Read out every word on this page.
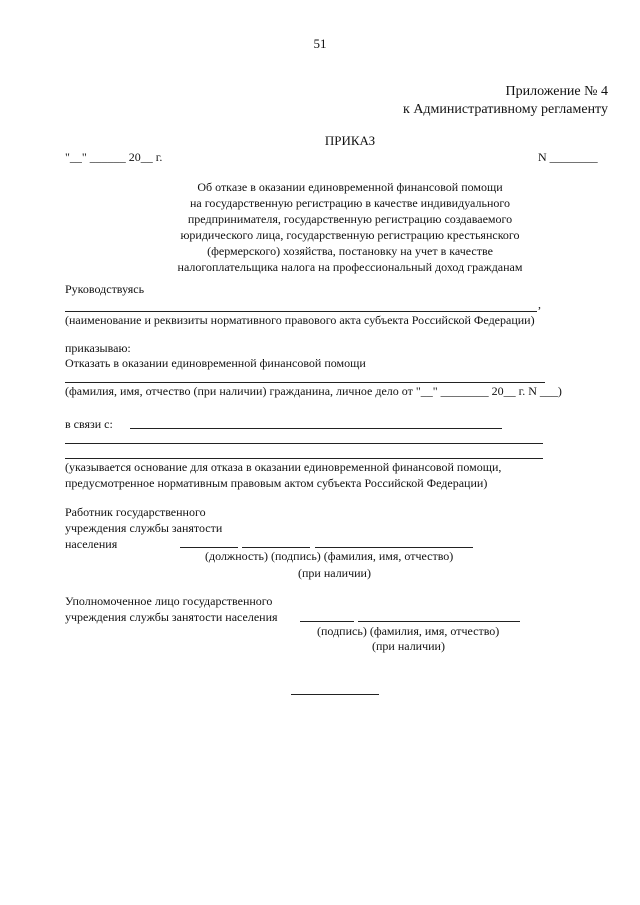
51
Приложение № 4
к Административному регламенту
ПРИКАЗ
"__" ______ 20__ г.	N ________
Об отказе в оказании единовременной финансовой помощи
на государственную регистрацию в качестве индивидуального
предпринимателя, государственную регистрацию создаваемого
юридического лица, государственную регистрацию крестьянского
(фермерского) хозяйства, постановку на учет в качестве
налогоплательщика налога на профессиональный доход гражданам
Руководствуясь
,
(наименование и реквизиты нормативного правового акта субъекта Российской Федерации)
приказываю:
Отказать в оказании единовременной финансовой помощи
(фамилия, имя, отчество (при наличии) гражданина, личное дело от "__" ________ 20__ г. N ___)
в связи с:
(указывается основание для отказа в оказании единовременной финансовой помощи,
предусмотренное нормативным правовым актом субъекта Российской Федерации)
Работник государственного
учреждения службы занятости
населения
(должность) (подпись) (фамилия, имя, отчество)
(при наличии)
Уполномоченное лицо государственного
учреждения службы занятости населения
(подпись) (фамилия, имя, отчество)
(при наличии)
